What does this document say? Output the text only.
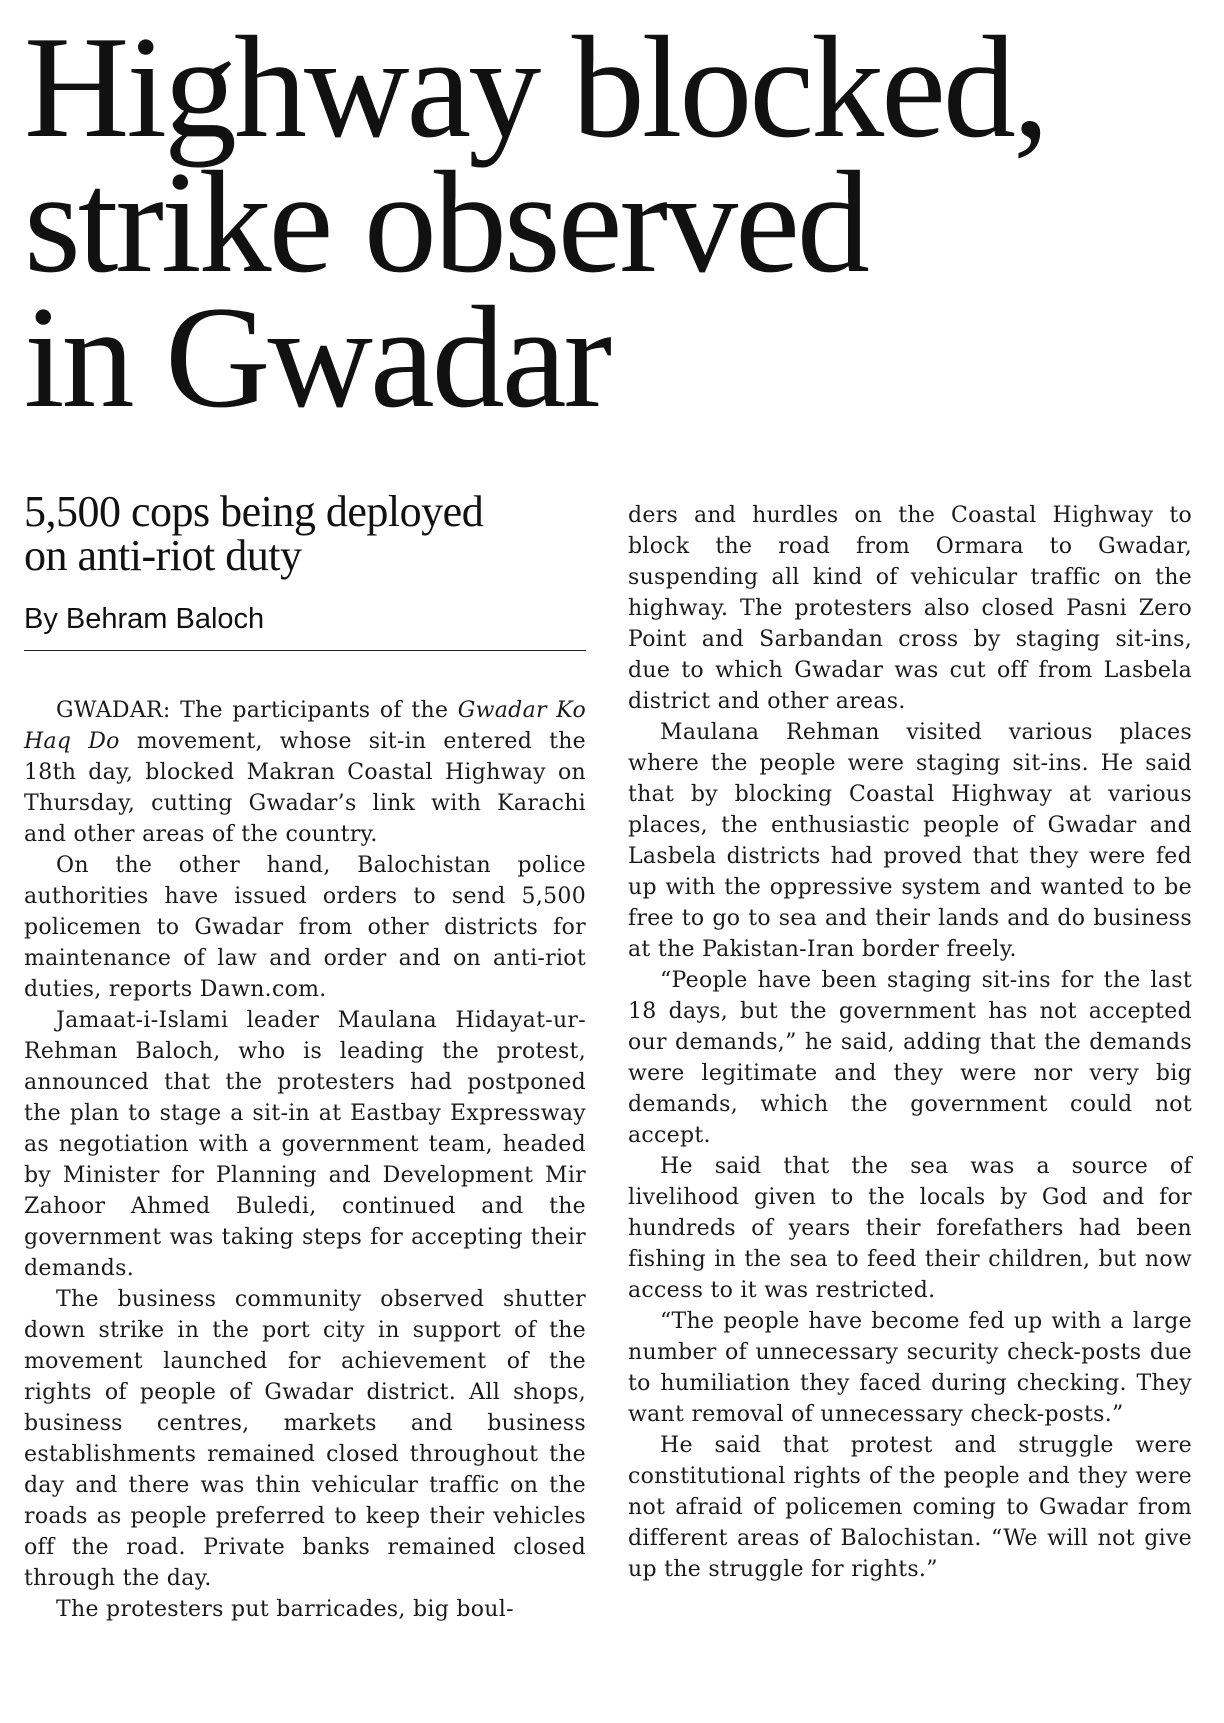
Highway blocked,
strike observed
in Gwadar
5,500 cops being deployed
on anti-riot duty
By Behram Baloch

GWADAR: The participants of the Gwadar Ko Haq Do movement, whose sit-in entered the 18th day, blocked Makran Coastal Highway on Thursday, cutting Gwadar’s link with Karachi and other areas of the country.

On the other hand, Balochistan police authorities have issued orders to send 5,500 policemen to Gwadar from other districts for maintenance of law and order and on anti-riot duties, reports Dawn.com.

Jamaat-i-Islami leader Maulana Hidayat-ur-Rehman Baloch, who is leading the protest, announced that the protesters had postponed the plan to stage a sit-in at Eastbay Expressway as negotiation with a government team, headed by Minister for Planning and Development Mir Zahoor Ahmed Buledi, continued and the government was taking steps for accepting their demands.

The business community observed shutter down strike in the port city in support of the movement launched for achievement of the rights of people of Gwadar district. All shops, business centres, markets and business establishments remained closed throughout the day and there was thin vehicular traffic on the roads as people preferred to keep their vehicles off the road. Private banks remained closed through the day.

The protesters put barricades, big boul-

ders and hurdles on the Coastal Highway to block the road from Ormara to Gwadar, suspending all kind of vehicular traffic on the highway. The protesters also closed Pasni Zero Point and Sarbandan cross by staging sit-ins, due to which Gwadar was cut off from Lasbela district and other areas.

Maulana Rehman visited various places where the people were staging sit-ins. He said that by blocking Coastal Highway at various places, the enthusiastic people of Gwadar and Lasbela districts had proved that they were fed up with the oppressive system and wanted to be free to go to sea and their lands and do business at the Pakistan-Iran border freely.

“People have been staging sit-ins for the last 18 days, but the government has not accepted our demands,” he said, adding that the demands were legitimate and they were nor very big demands, which the government could not accept.

He said that the sea was a source of livelihood given to the locals by God and for hundreds of years their forefathers had been fishing in the sea to feed their children, but now access to it was restricted.

“The people have become fed up with a large number of unnecessary security check-posts due to humiliation they faced during checking. They want removal of unnecessary check-posts.”

He said that protest and struggle were constitutional rights of the people and they were not afraid of policemen coming to Gwadar from different areas of Balochistan. “We will not give up the struggle for rights.”
